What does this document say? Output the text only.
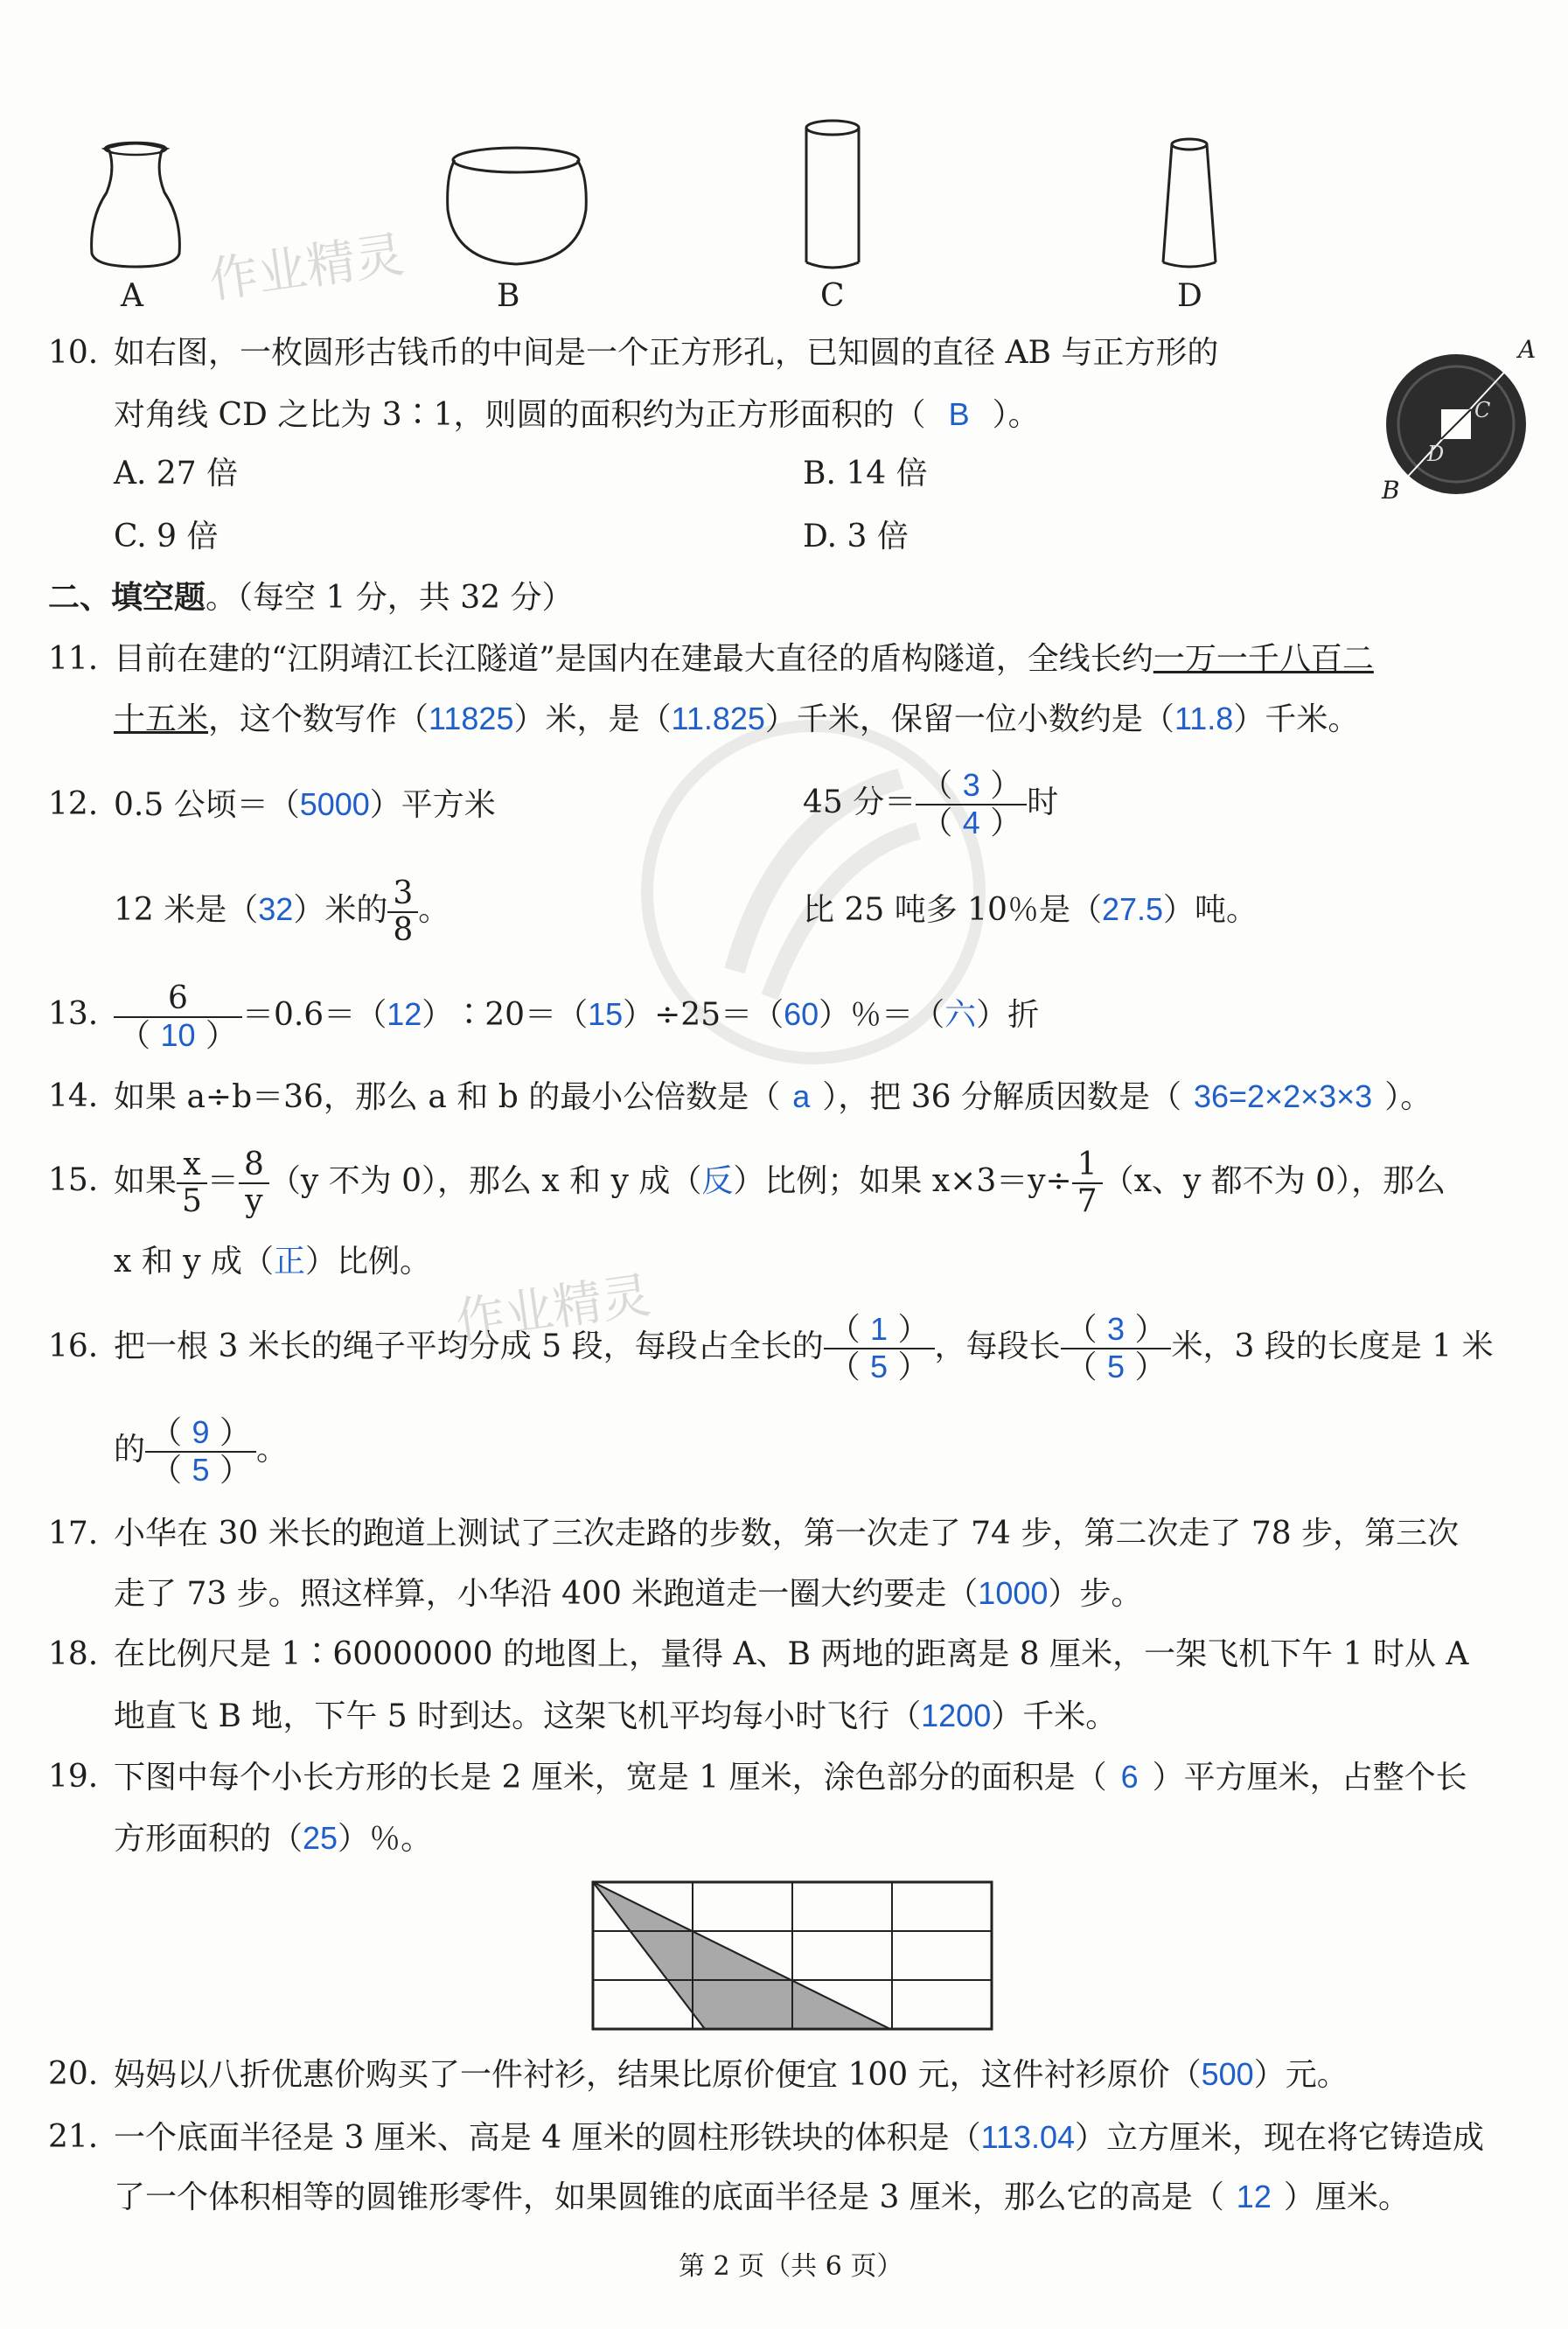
A	B	C	D
A
B
C
D
作业精灵
作业精灵
10. 如右图，一枚圆形古钱币的中间是一个正方形孔，已知圆的直径 AB 与正方形的
对角线 CD 之比为 3∶1，则圆的面积约为正方形面积的（ B ）。
A. 27 倍	B. 14 倍
C. 9 倍	D. 3 倍
二、填空题。（每空 1 分，共 32 分）
11. 目前在建的“江阴靖江长江隧道”是国内在建最大直径的盾构隧道，全线长约一万一千八百二
十五米，这个数写作（11825）米，是（11.825）千米，保留一位小数约是（11.8）千米。
12. 0.5 公顷＝（5000）平方米	45 分＝ $\frac{( 3 )}{( 4 )}$ 时
12 米是（32）米的 $\frac{3}{8}$ 。	比 25 吨多 10％是（27.5）吨。
13. $\frac{6}{( 10 )}$ ＝0.6＝（12）∶20＝（15）÷25＝（60）％＝（六）折
14. 如果 a÷b＝36，那么 a 和 b 的最小公倍数是（ a ），把 36 分解质因数是（ 36=2×2×3×3 ）。
15. 如果 $\frac{x}{5} = \frac{8}{y} (y$ 不为 0），那么 x 和 y 成（反）比例；如果 $x\times 3=y\div \frac{1}{7} (x$、y 都不为 0），那么
x 和 y 成（正）比例。
16. 把一根 3 米长的绳子平均分成 5 段，每段占全长的 $\frac{( 1 )}{( 5 )}$ ，每段长 $\frac{( 3 )}{( 5 )}$ 米，3 段的长度是 1 米
的 $\frac{( 9 )}{( 5 )}$ 。
17. 小华在 30 米长的跑道上测试了三次走路的步数，第一次走了 74 步，第二次走了 78 步，第三次
走了 73 步。照这样算，小华沿 400 米跑道走一圈大约要走（1000）步。
18. 在比例尺是 1∶60000000 的地图上，量得 A、B 两地的距离是 8 厘米，一架飞机下午 1 时从 A
地直飞 B 地，下午 5 时到达。这架飞机平均每小时飞行（1200）千米。
19. 下图中每个小长方形的长是 2 厘米，宽是 1 厘米，涂色部分的面积是（ 6 ）平方厘米，占整个长
方形面积的（25）％。
20. 妈妈以八折优惠价购买了一件衬衫，结果比原价便宜 100 元，这件衬衫原价（500）元。
21. 一个底面半径是 3 厘米、高是 4 厘米的圆柱形铁块的体积是（113.04）立方厘米，现在将它铸造成
了一个体积相等的圆锥形零件，如果圆锥的底面半径是 3 厘米，那么它的高是（ 12 ）厘米。
第 2 页（共 6 页）
